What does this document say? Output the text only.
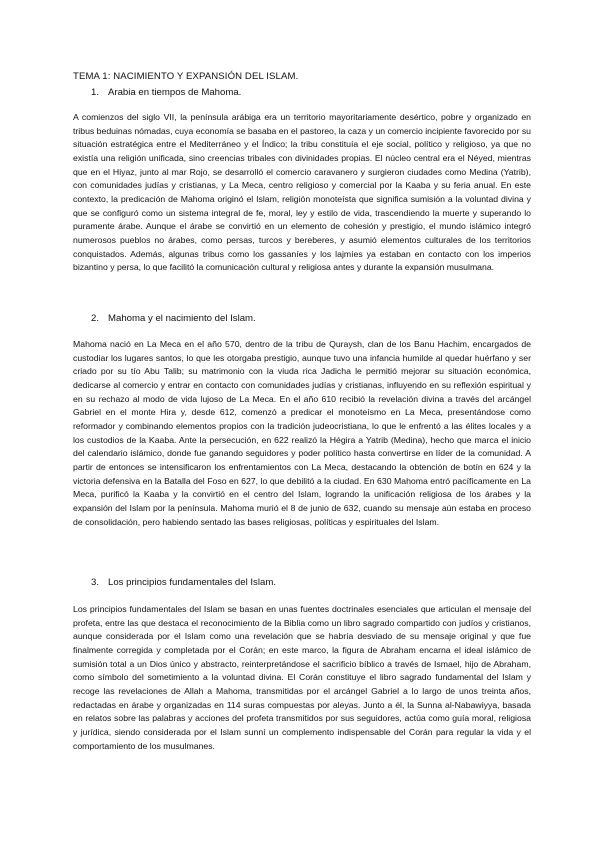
TEMA 1: NACIMIENTO Y EXPANSIÓN DEL ISLAM.
1. Arabia en tiempos de Mahoma.

A comienzos del siglo VII, la península arábiga era un territorio mayoritariamente desértico, pobre y organizado en tribus beduinas nómadas, cuya economía se basaba en el pastoreo, la caza y un comercio incipiente favorecido por su situación estratégica entre el Mediterráneo y el Índico; la tribu constituía el eje social, político y religioso, ya que no existía una religión unificada, sino creencias tribales con divinidades propias. El núcleo central era el Néyed, mientras que en el Hiyaz, junto al mar Rojo, se desarrolló el comercio caravanero y surgieron ciudades como Medina (Yatrib), con comunidades judías y cristianas, y La Meca, centro religioso y comercial por la Kaaba y su feria anual. En este contexto, la predicación de Mahoma originó el Islam, religión monoteísta que significa sumisión a la voluntad divina y que se configuró como un sistema integral de fe, moral, ley y estilo de vida, trascendiendo la muerte y superando lo puramente árabe. Aunque el árabe se convirtió en un elemento de cohesión y prestigio, el mundo islámico integró numerosos pueblos no árabes, como persas, turcos y bereberes, y asumió elementos culturales de los territorios conquistados. Además, algunas tribus como los gassaníes y los lajmíes ya estaban en contacto con los imperios bizantino y persa, lo que facilitó la comunicación cultural y religiosa antes y durante la expansión musulmana.

2. Mahoma y el nacimiento del Islam.

Mahoma nació en La Meca en el año 570, dentro de la tribu de Quraysh, clan de los Banu Hachim, encargados de custodiar los lugares santos, lo que les otorgaba prestigio, aunque tuvo una infancia humilde al quedar huérfano y ser criado por su tío Abu Talib; su matrimonio con la viuda rica Jadicha le permitió mejorar su situación económica, dedicarse al comercio y entrar en contacto con comunidades judías y cristianas, influyendo en su reflexión espiritual y en su rechazo al modo de vida lujoso de La Meca. En el año 610 recibió la revelación divina a través del arcángel Gabriel en el monte Hira y, desde 612, comenzó a predicar el monoteísmo en La Meca, presentándose como reformador y combinando elementos propios con la tradición judeocristiana, lo que le enfrentó a las élites locales y a los custodios de la Kaaba. Ante la persecución, en 622 realizó la Hégira a Yatrib (Medina), hecho que marca el inicio del calendario islámico, donde fue ganando seguidores y poder político hasta convertirse en líder de la comunidad. A partir de entonces se intensificaron los enfrentamientos con La Meca, destacando la obtención de botín en 624 y la victoria defensiva en la Batalla del Foso en 627, lo que debilitó a la ciudad. En 630 Mahoma entró pacíficamente en La Meca, purificó la Kaaba y la convirtió en el centro del Islam, logrando la unificación religiosa de los árabes y la expansión del Islam por la península. Mahoma murió el 8 de junio de 632, cuando su mensaje aún estaba en proceso de consolidación, pero habiendo sentado las bases religiosas, políticas y espirituales del Islam.

3. Los principios fundamentales del Islam.

Los principios fundamentales del Islam se basan en unas fuentes doctrinales esenciales que articulan el mensaje del profeta, entre las que destaca el reconocimiento de la Biblia como un libro sagrado compartido con judíos y cristianos, aunque considerada por el Islam como una revelación que se habría desviado de su mensaje original y que fue finalmente corregida y completada por el Corán; en este marco, la figura de Abraham encarna el ideal islámico de sumisión total a un Dios único y abstracto, reinterpretándose el sacrificio bíblico a través de Ismael, hijo de Abraham, como símbolo del sometimiento a la voluntad divina. El Corán constituye el libro sagrado fundamental del Islam y recoge las revelaciones de Allah a Mahoma, transmitidas por el arcángel Gabriel a lo largo de unos treinta años, redactadas en árabe y organizadas en 114 suras compuestas por aleyas. Junto a él, la Sunna al-Nabawiyya, basada en relatos sobre las palabras y acciones del profeta transmitidos por sus seguidores, actúa como guía moral, religiosa y jurídica, siendo considerada por el Islam sunní un complemento indispensable del Corán para regular la vida y el comportamiento de los musulmanes.
